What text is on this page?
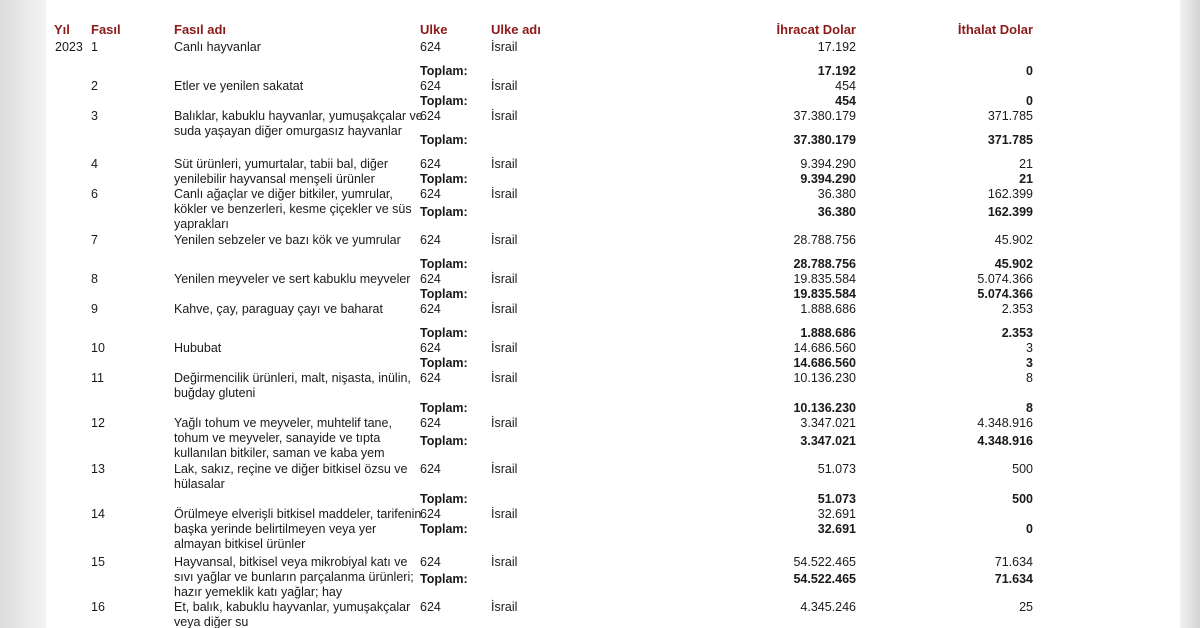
Yıl Fasıl	Fasıl adı	Ulke	Ulke adı	İhracat Dolar	İthalat Dolar
2023 1	Canlı hayvanlar	624	İsrail	17.192
Toplam:	17.192	0
2	Etler ve yenilen sakatat	624	İsrail	454
Toplam:	454	0
3	Balıklar, kabuklu hayvanlar, yumuşakçalar ve suda yaşayan diğer omurgasız hayvanlar
624	İsrail	37.380.179	371.785
Toplam:	37.380.179	371.785
4	Süt ürünleri, yumurtalar, tabii bal, diğer yenilebilir hayvansal menşeli ürünler
624	İsrail	9.394.290	21
Toplam:	9.394.290	21
6	Canlı ağaçlar ve diğer bitkiler, yumrular, kökler ve benzerleri, kesme çiçekler ve süs yaprakları
624	İsrail	36.380	162.399
Toplam:	36.380	162.399
7	Yenilen sebzeler ve bazı kök ve yumrular	624	İsrail	28.788.756	45.902
Toplam:	28.788.756	45.902
8	Yenilen meyveler ve sert kabuklu meyveler 624	İsrail	19.835.584	5.074.366
Toplam:	19.835.584	5.074.366
9	Kahve, çay, paraguay çayı ve baharat	624	İsrail	1.888.686	2.353
Toplam:	1.888.686	2.353
10	Hububat	624	İsrail	14.686.560	3
Toplam:	14.686.560	3
11	Değirmencilik ürünleri, malt, nişasta, inülin, buğday gluteni
624	İsrail	10.136.230	8
Toplam:	10.136.230	8
12	Yağlı tohum ve meyveler, muhtelif tane, tohum ve meyveler, sanayide ve tıpta kullanılan bitkiler, saman ve kaba yem
624	İsrail	3.347.021	4.348.916
Toplam:	3.347.021	4.348.916
13	Lak, sakız, reçine ve diğer bitkisel özsu ve hülasalar
624	İsrail	51.073	500
Toplam:	51.073	500
14	Örülmeye elverişli bitkisel maddeler, tarifenin başka yerinde belirtilmeyen veya yer almayan bitkisel ürünler
624	İsrail	32.691
Toplam:	32.691	0
15	Hayvansal, bitkisel veya mikrobiyal katı ve sıvı yağlar ve bunların parçalanma ürünleri; hazır yemeklik katı yağlar; hay
624	İsrail	54.522.465	71.634
Toplam:	54.522.465	71.634
16	Et, balık, kabuklu hayvanlar, yumuşakçalar veya diğer su
624	İsrail	4.345.246	25
